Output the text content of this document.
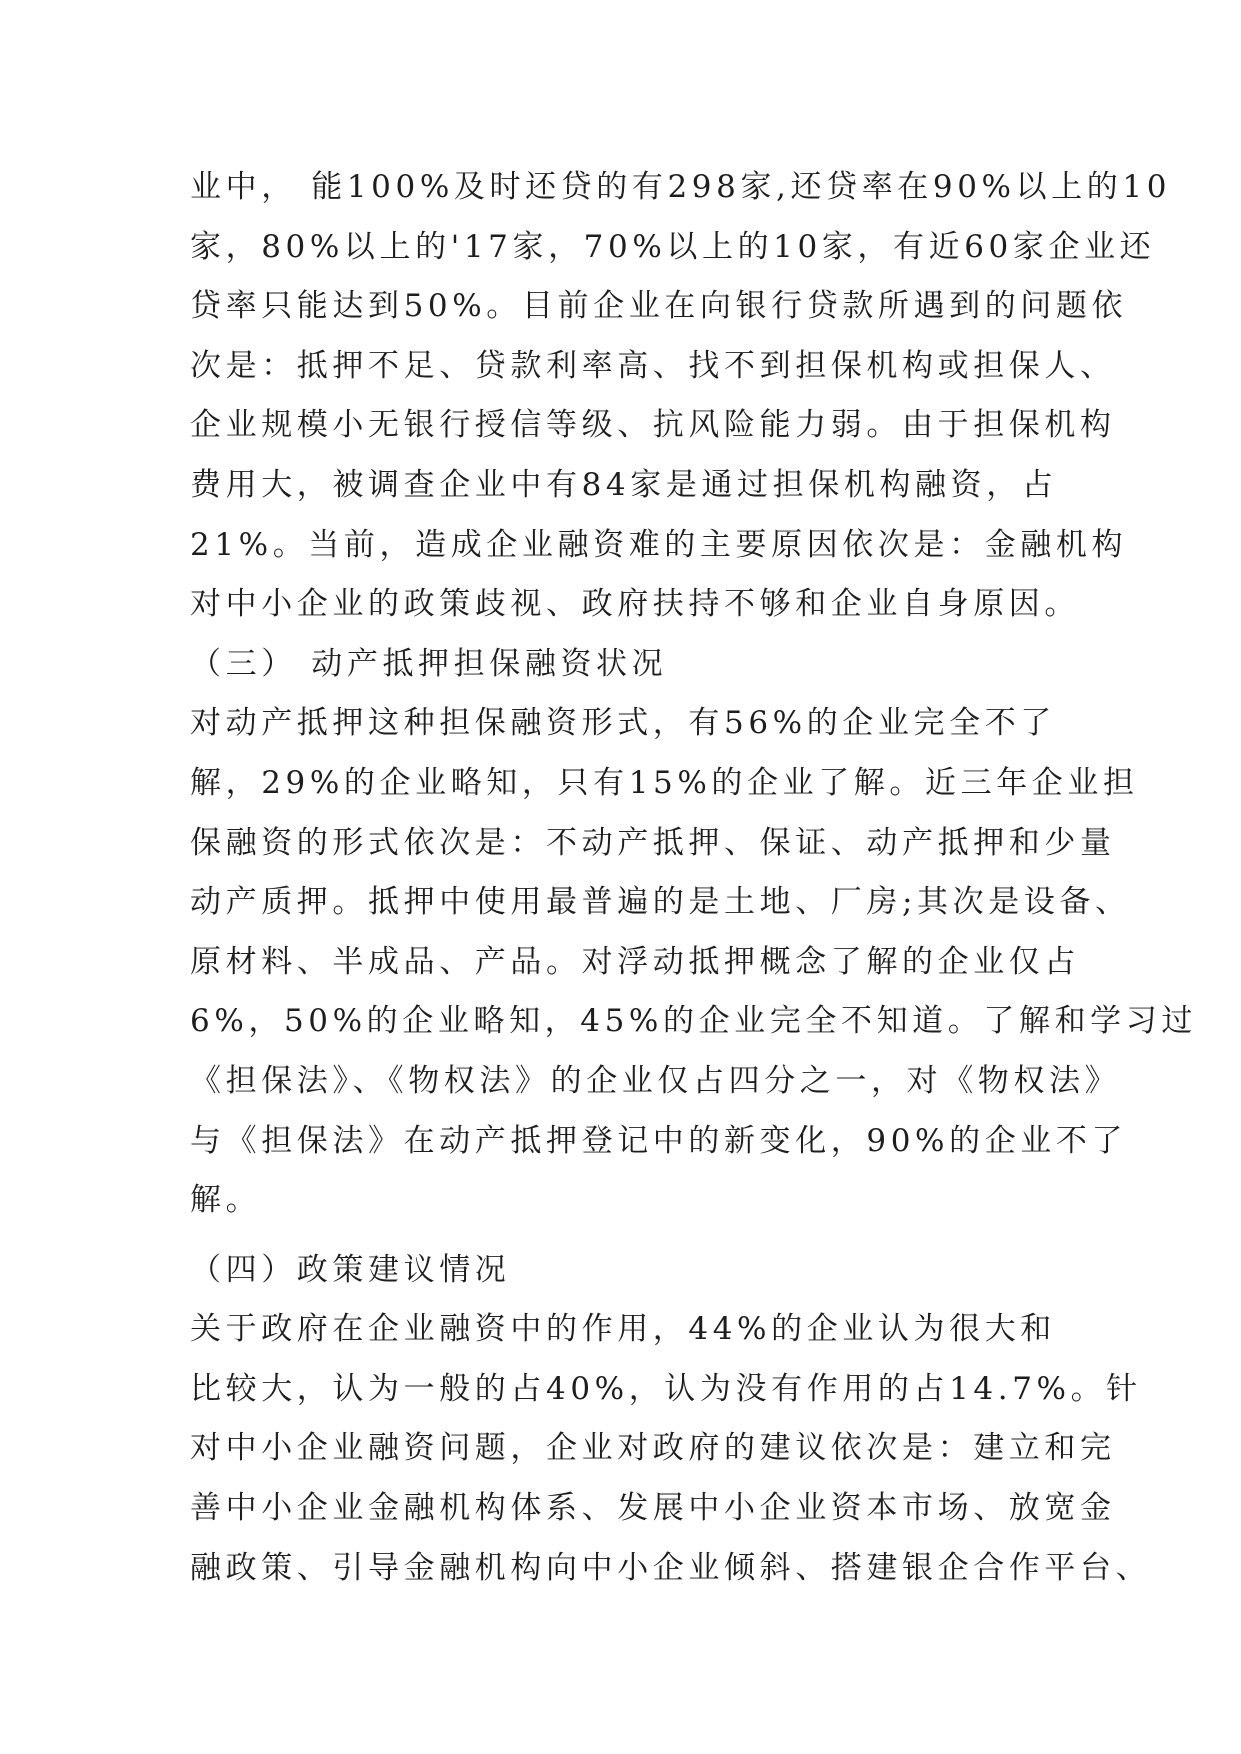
业中， 能100%及时还贷的有298家,还贷率在90%以上的10
家，80%以上的'17家，70%以上的10家，有近60家企业还
贷率只能达到50%。目前企业在向银行贷款所遇到的问题依
次是：抵押不足、贷款利率高、找不到担保机构或担保人、
企业规模小无银行授信等级、抗风险能力弱。由于担保机构
费用大，被调查企业中有84家是通过担保机构融资，占
21%。当前，造成企业融资难的主要原因依次是：金融机构
对中小企业的政策歧视、政府扶持不够和企业自身原因。
（三） 动产抵押担保融资状况
对动产抵押这种担保融资形式，有56%的企业完全不了
解，29%的企业略知，只有15%的企业了解。近三年企业担
保融资的形式依次是：不动产抵押、保证、动产抵押和少量
动产质押。抵押中使用最普遍的是土地、厂房;其次是设备、
原材料、半成品、产品。对浮动抵押概念了解的企业仅占
6%，50%的企业略知，45%的企业完全不知道。了解和学习过
《担保法》、《物权法》的企业仅占四分之一，对《物权法》
与《担保法》在动产抵押登记中的新变化，90%的企业不了
解。
（四）政策建议情况
关于政府在企业融资中的作用，44%的企业认为很大和
比较大，认为一般的占40%，认为没有作用的占14.7%。针
对中小企业融资问题，企业对政府的建议依次是：建立和完
善中小企业金融机构体系、发展中小企业资本市场、放宽金
融政策、引导金融机构向中小企业倾斜、搭建银企合作平台、
